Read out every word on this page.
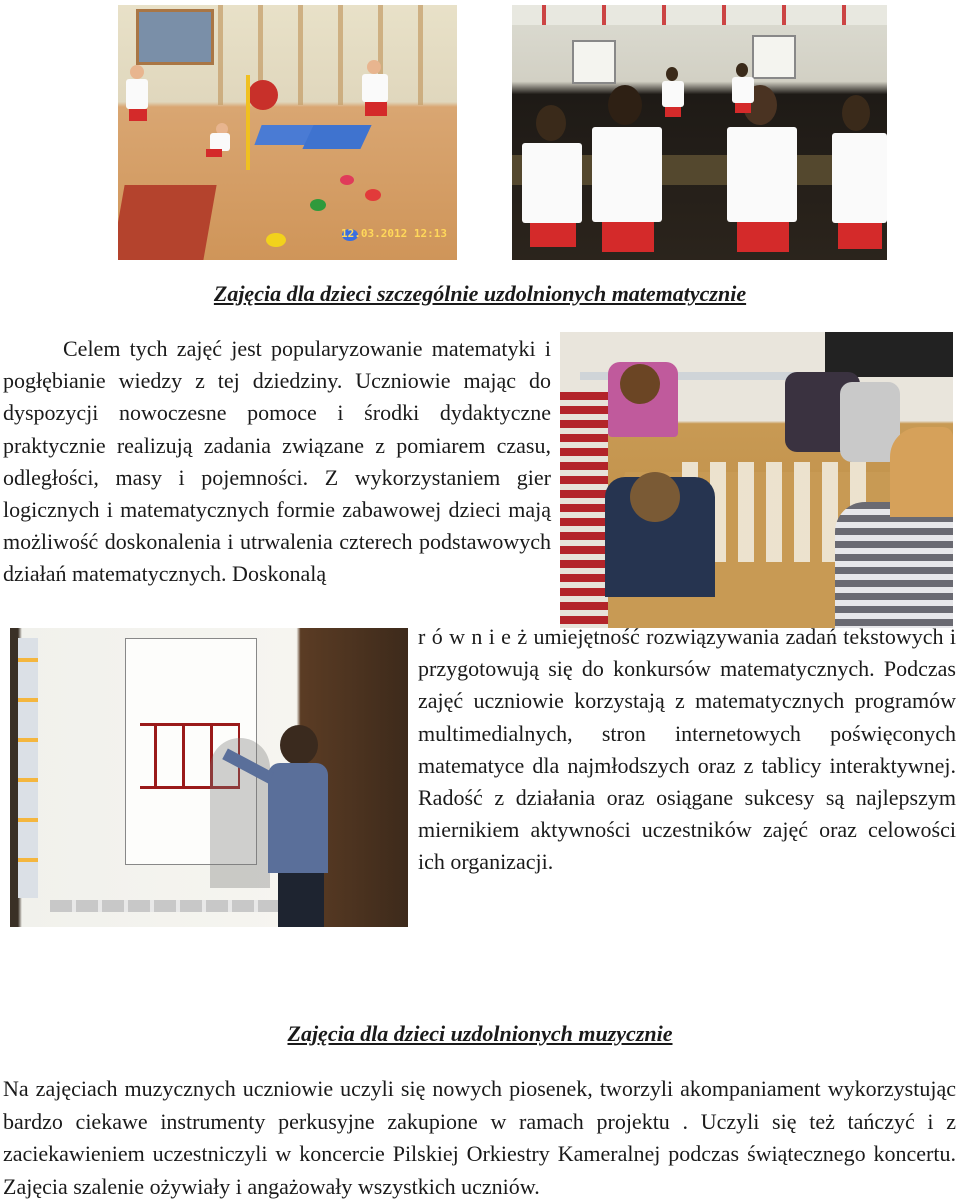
12.03.2012 12:13
Zajęcia dla dzieci szczególnie uzdolnionych matematycznie

Celem tych zajęć jest popularyzowanie matematyki i pogłębianie wiedzy z tej dziedziny. Uczniowie mając do dyspozycji nowoczesne pomoce i środki dydaktyczne praktycznie realizują zadania związane z pomiarem czasu, odległości, masy i pojemności. Z wykorzystaniem gier logicznych i matematycznych formie zabawowej dzieci mają możliwość doskonalenia i utrwalenia czterech podstawowych działań matematycznych. Doskonalą

r ó w n i e ż umiejętność rozwiązywania zadań tekstowych i przygotowują się do konkursów matematycznych. Podczas zajęć uczniowie korzystają z matematycznych programów multimedialnych, stron internetowych poświęconych matematyce dla najmłodszych oraz z tablicy interaktywnej. Radość z działania oraz osiągane sukcesy są najlepszym miernikiem aktywności uczestników zajęć oraz celowości ich organizacji.

Zajęcia dla dzieci uzdolnionych muzycznie

Na zajęciach muzycznych uczniowie uczyli się nowych piosenek, tworzyli akompaniament wykorzystując bardzo ciekawe instrumenty perkusyjne zakupione w ramach projektu . Uczyli się też tańczyć i z zaciekawieniem uczestniczyli w koncercie Pilskiej Orkiestry Kameralnej podczas świątecznego koncertu. Zajęcia szalenie ożywiały i angażowały wszystkich uczniów.
